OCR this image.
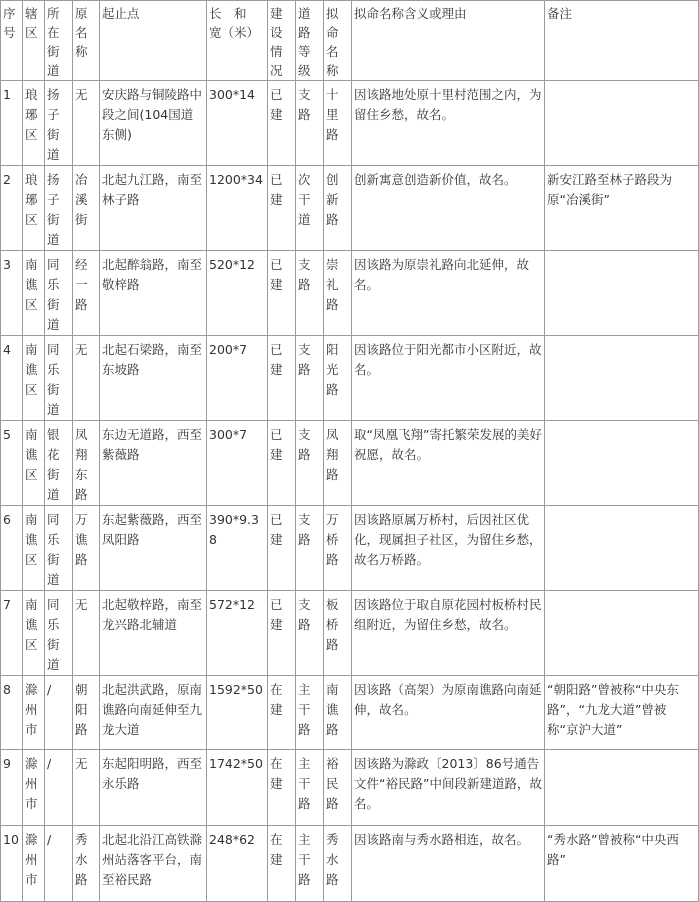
序号	辖区	所在街道	原名称	起止点	长　和　宽（米）	建设情况	道路等级	拟命名称	拟命名称含义或理由	备注
1	琅琊区	扬子街道	无	安庆路与铜陵路中段之间(104国道东侧)	300*14	已建	支路	十里路	因该路地处原十里村范围之内，为留住乡愁，故名。	
2	琅琊区	扬子街道	冶溪街	北起九江路，南至林子路	1200*34	已建	次干道	创新路	创新寓意创造新价值，故名。	新安江路至林子路段为原“冶溪街”
3	南谯区	同乐街道	经一路	北起醉翁路，南至敬梓路	520*12	已建	支路	崇礼路	因该路为原崇礼路向北延伸，故名。	
4	南谯区	同乐街道	无	北起石梁路，南至东坡路	200*7	已建	支路	阳光路	因该路位于阳光都市小区附近，故名。	
5	南谯区	银花街道	凤翔东路	东边无道路，西至紫薇路	300*7	已建	支路	凤翔路	取“凤凰飞翔”寄托繁荣发展的美好祝愿，故名。	
6	南谯区	同乐街道	万谯路	东起紫薇路，西至凤阳路	390*9.38	已建	支路	万桥路	因该路原属万桥村，后因社区优化，现属担子社区，为留住乡愁，故名万桥路。	
7	南谯区	同乐街道	无	北起敬梓路，南至龙兴路北辅道	572*12	已建	支路	板桥路	因该路位于取自原花园村板桥村民组附近，为留住乡愁，故名。	
8	滁州市	/	朝阳路	北起洪武路，原南谯路向南延伸至九龙大道	1592*50	在建	主干路	南谯路	因该路（高架）为原南谯路向南延伸，故名。	“朝阳路”曾被称“中央东路”，“九龙大道”曾被称“京沪大道”
9	滁州市	/	无	东起阳明路，西至永乐路	1742*50	在建	主干路	裕民路	因该路为滁政〔2013〕86号通告文件“裕民路”中间段新建道路，故名。	
10	滁州市	/	秀水路	北起北沿江高铁滁州站落客平台，南至裕民路	248*62	在建	主干路	秀水路	因该路南与秀水路相连，故名。	“秀水路”曾被称“中央西路”
